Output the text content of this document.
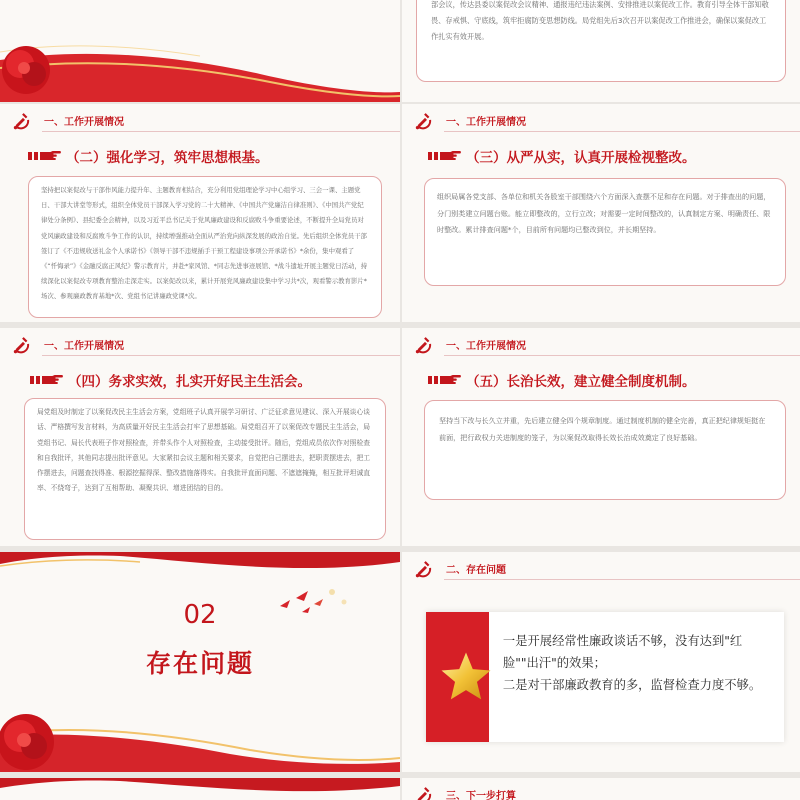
部会议，传达县委以案促改会议精神、通报违纪违法案例、安排推进以案促改工作。教育引导全体干部知敬畏、存戒惧、守底线，筑牢拒腐防变思想防线。局党组先后3次召开以案促改工作推进会，确保以案促改工作扎实有效开展。

一、工作开展情况
（二）强化学习，筑牢思想根基。

坚持把以案促改与干部作风能力提升年、主题教育相结合，充分利用党组理论学习中心组学习、三会一课、主题党日、干部大讲堂等形式，组织全体党员干部深入学习党的二十大精神、《中国共产党廉洁自律准则》、《中国共产党纪律处分条例》、县纪委全会精神，以及习近平总书记关于党风廉政建设和反腐败斗争重要论述，不断提升全局党员对党风廉政建设和反腐败斗争工作的认识，持续增强推动全面从严治党向纵深发展的政治自觉。先后组织全体党员干部签订了《不违规收送礼金个人承诺书》《领导干部不违规插手干预工程建设事项公开承诺书》*余份，集中观看了《“忏悔录”》《金融反腐正风纪》警示教育片，并赴*家风馆、*同志先进事迹展馆、*战斗遗址开展主题党日活动，持续深化以案促改专项教育整治走深走实。以案促改以来，累计开展党风廉政建设集中学习共*次，观看警示教育影片*场次、参观廉政教育基地*次、党组书记讲廉政党课*次。

一、工作开展情况
（三）从严从实，认真开展检视整改。

组织局属各党支部、各单位和机关各股室干部围绕六个方面深入查摆不足和存在问题。对于排查出的问题，分门别类建立问题台账。能立即整改的，立行立改；对需要一定时间整改的，认真制定方案、明确责任、限时整改。累计排查问题*个，目前所有问题均已整改到位，并长期坚持。

一、工作开展情况
（四）务求实效，扎实开好民主生活会。

局党组及时制定了以案促改民主生活会方案，党组班子认真开展学习研讨、广泛征求意见建议、深入开展谈心谈话、严格撰写发言材料，为高质量开好民主生活会打牢了思想基础。局党组召开了以案促改专题民主生活会，局党组书记、局长代表班子作对照检查，并带头作个人对照检查，主动接受批评。随后，党组成员依次作对照检查和自我批评，其他同志提出批评意见。大家紧扣会议主题和相关要求，自觉把自己摆进去，把职责摆进去，把工作摆进去，问题查找得准、根源挖掘得深、整改措施落得实。自我批评直面问题、不遮遮掩掩，相互批评坦诚直率、不绕弯子，达到了互相帮助、凝聚共识、增进团结的目的。

一、工作开展情况
（五）长治长效，建立健全制度机制。

坚持当下改与长久立并重，先后建立健全四个规章制度。通过制度机制的健全完善，真正把纪律规矩挺在前面，把行政权力关进制度的笼子，为以案促改取得长效长治成效奠定了良好基础。

02
存在问题
二、存在问题

一是开展经常性廉政谈话不够，没有达到"红脸""出汗"的效果；

二是对干部廉政教育的多，监督检查力度不够。

三、下一步打算
